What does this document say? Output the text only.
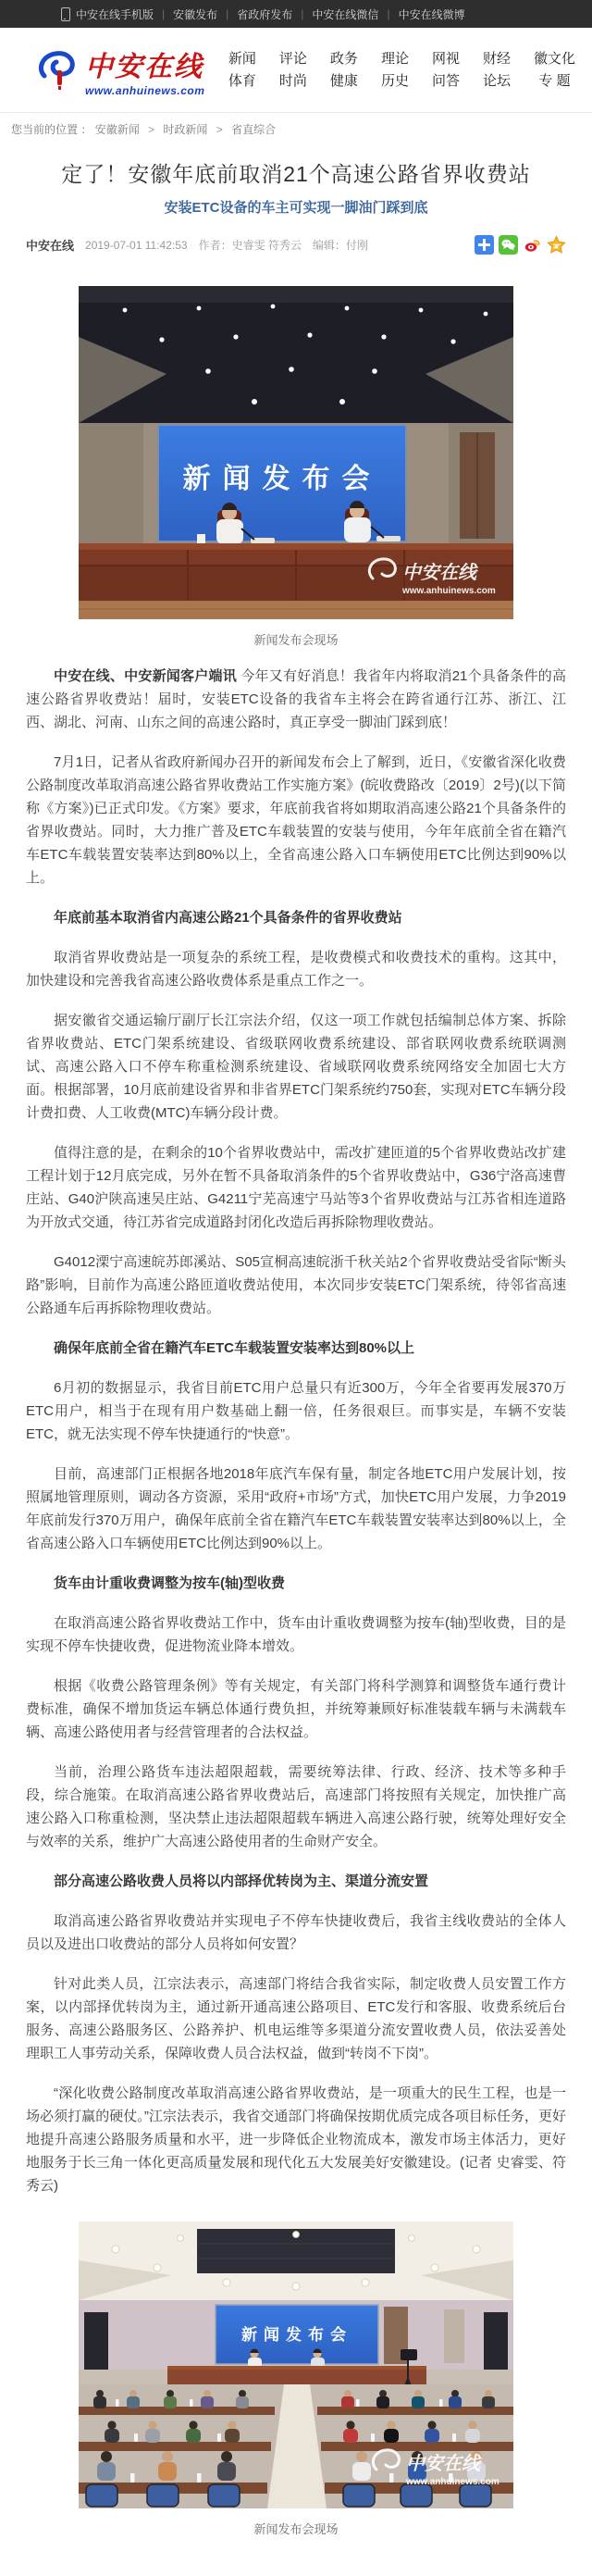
中安在线手机版 | 安徽发布 | 省政府发布 | 中安在线微信 | 中安在线微博
中安在线
www.anhuinews.com
新闻
体育
评论
时尚
政务
健康
理论
历史
网视
问答
财经
论坛
徽文化
专 题
您当前的位置 ： 安徽新闻 > 时政新闻 > 省直综合
定了！安徽年底前取消21个高速公路省界收费站
安装ETC设备的车主可实现一脚油门踩到底
中安在线 2019-07-01 11:42:53 作者：史睿雯 符秀云 编辑：付刚
新闻发布会
中安在线
www.anhuinews.com
新闻发布会现场

中安在线、中安新闻客户端讯 今年又有好消息！我省年内将取消21个具备条件的高速公路省界收费站！届时，安装ETC设备的我省车主将会在跨省通行江苏、浙江、江西、湖北、河南、山东之间的高速公路时，真正享受一脚油门踩到底！

7月1日，记者从省政府新闻办召开的新闻发布会上了解到，近日，《安徽省深化收费公路制度改革取消高速公路省界收费站工作实施方案》(皖收费路改〔2019〕2号)(以下简称《方案》)已正式印发。《方案》要求，年底前我省将如期取消高速公路21个具备条件的省界收费站。同时，大力推广普及ETC车载装置的安装与使用，今年年底前全省在籍汽车ETC车载装置安装率达到80%以上，全省高速公路入口车辆使用ETC比例达到90%以上。

年底前基本取消省内高速公路21个具备条件的省界收费站

取消省界收费站是一项复杂的系统工程，是收费模式和收费技术的重构。这其中，加快建设和完善我省高速公路收费体系是重点工作之一。

据安徽省交通运输厅副厅长江宗法介绍，仅这一项工作就包括编制总体方案、拆除省界收费站、ETC门架系统建设、省级联网收费系统建设、部省联网收费系统联调测试、高速公路入口不停车称重检测系统建设、省域联网收费系统网络安全加固七大方面。根据部署，10月底前建设省界和非省界ETC门架系统约750套，实现对ETC车辆分段计费扣费、人工收费(MTC)车辆分段计费。

值得注意的是，在剩余的10个省界收费站中，需改扩建匝道的5个省界收费站改扩建工程计划于12月底完成，另外在暂不具备取消条件的5个省界收费站中，G36宁洛高速曹庄站、G40沪陕高速吴庄站、G4211宁芜高速宁马站等3个省界收费站与江苏省相连道路为开放式交通，待江苏省完成道路封闭化改造后再拆除物理收费站。

G4012溧宁高速皖苏郎溪站、S05宣桐高速皖浙千秋关站2个省界收费站受省际“断头路”影响，目前作为高速公路匝道收费站使用，本次同步安装ETC门架系统，待邻省高速公路通车后再拆除物理收费站。

确保年底前全省在籍汽车ETC车载装置安装率达到80%以上

6月初的数据显示，我省目前ETC用户总量只有近300万，今年全省要再发展370万ETC用户，相当于在现有用户数基础上翻一倍，任务很艰巨。而事实是，车辆不安装ETC，就无法实现不停车快捷通行的“快意”。

目前，高速部门正根据各地2018年底汽车保有量，制定各地ETC用户发展计划，按照属地管理原则，调动各方资源，采用“政府+市场”方式，加快ETC用户发展，力争2019年底前发行370万用户，确保年底前全省在籍汽车ETC车载装置安装率达到80%以上，全省高速公路入口车辆使用ETC比例达到90%以上。

货车由计重收费调整为按车(轴)型收费

在取消高速公路省界收费站工作中，货车由计重收费调整为按车(轴)型收费，目的是实现不停车快捷收费，促进物流业降本增效。

根据《收费公路管理条例》等有关规定，有关部门将科学测算和调整货车通行费计费标准，确保不增加货运车辆总体通行费负担，并统筹兼顾好标准装载车辆与未满载车辆、高速公路使用者与经营管理者的合法权益。

当前，治理公路货车违法超限超载，需要统筹法律、行政、经济、技术等多种手段，综合施策。在取消高速公路省界收费站后，高速部门将按照有关规定，加快推广高速公路入口称重检测，坚决禁止违法超限超载车辆进入高速公路行驶，统筹处理好安全与效率的关系，维护广大高速公路使用者的生命财产安全。

部分高速公路收费人员将以内部择优转岗为主、渠道分流安置

取消高速公路省界收费站并实现电子不停车快捷收费后，我省主线收费站的全体人员以及进出口收费站的部分人员将如何安置？

针对此类人员，江宗法表示，高速部门将结合我省实际，制定收费人员安置工作方案，以内部择优转岗为主，通过新开通高速公路项目、ETC发行和客服、收费系统后台服务、高速公路服务区、公路养护、机电运维等多渠道分流安置收费人员，依法妥善处理职工人事劳动关系，保障收费人员合法权益，做到“转岗不下岗”。

“深化收费公路制度改革取消高速公路省界收费站，是一项重大的民生工程，也是一场必须打赢的硬仗。”江宗法表示，我省交通部门将确保按期优质完成各项目标任务，更好地提升高速公路服务质量和水平，进一步降低企业物流成本，激发市场主体活力，更好地服务于长三角一体化更高质量发展和现代化五大发展美好安徽建设。(记者 史睿雯、符秀云)

新闻发布会
中安在线
www.anhuinews.com
新闻发布会现场
